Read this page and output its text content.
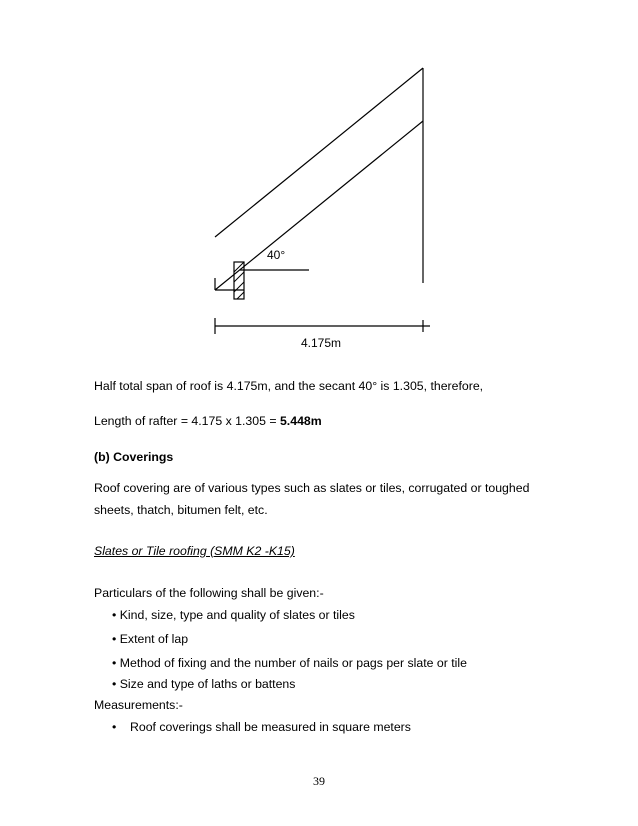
40°
4.175m
Half total span of roof is 4.175m, and the secant 40° is 1.305, therefore,
Length of rafter = 4.175 x 1.305 = 5.448m
(b) Coverings
Roof covering are of various types such as slates or tiles, corrugated or toughed
sheets, thatch, bitumen felt, etc.
Slates or Tile roofing (SMM K2 -K15)
Particulars of the following shall be given:-
• Kind, size, type and quality of slates or tiles
• Extent of lap
• Method of fixing and the number of nails or pags per slate or tile
• Size and type of laths or battens
Measurements:-
•    Roof coverings shall be measured in square meters
39
